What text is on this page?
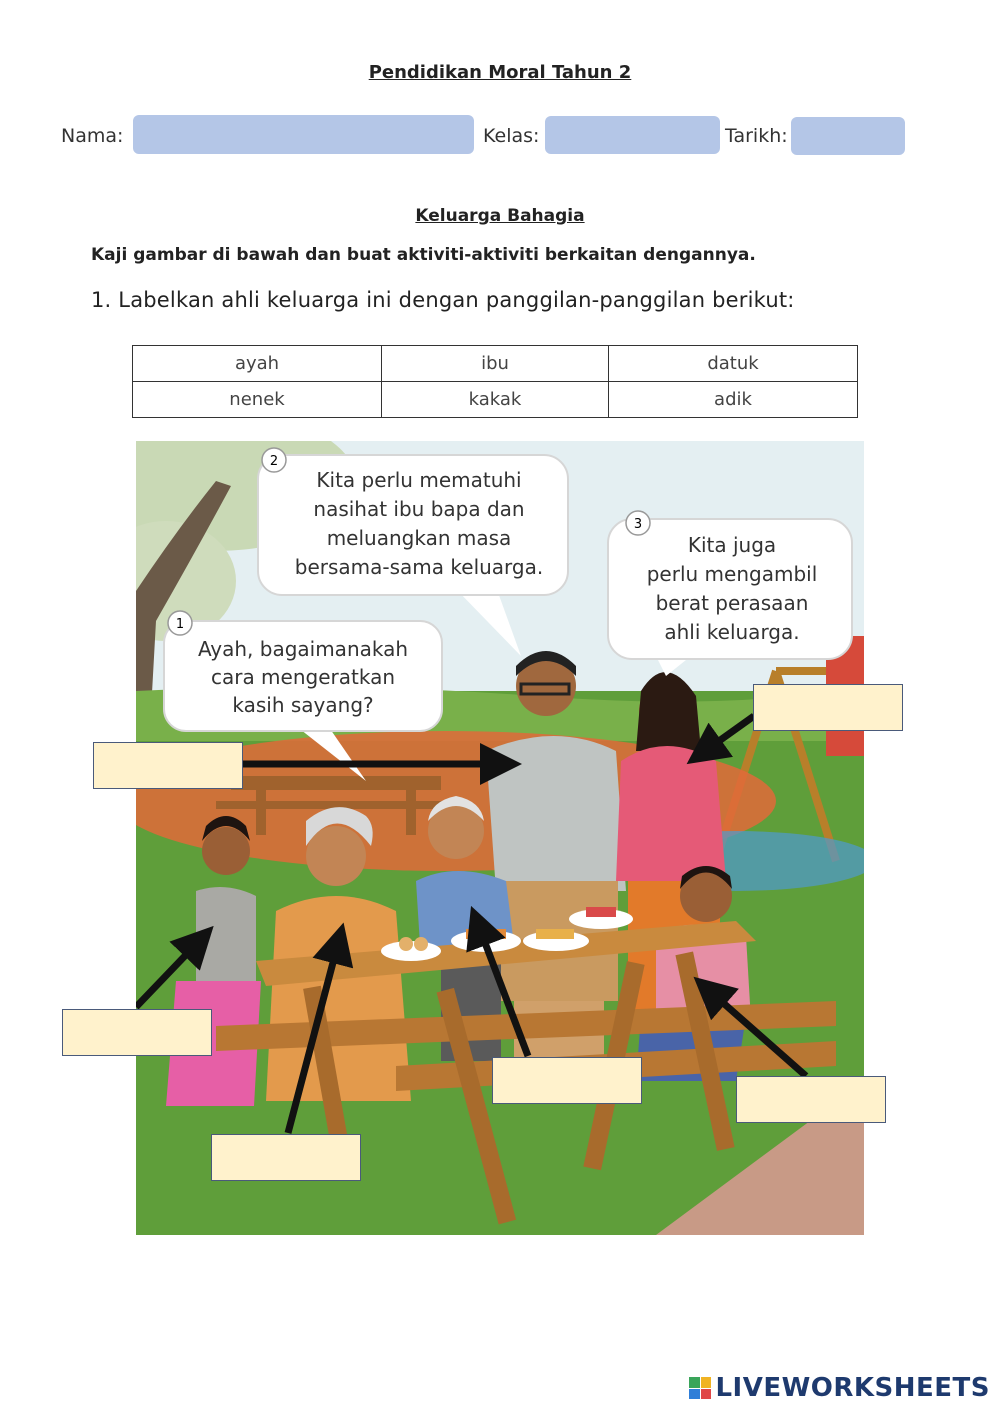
Pendidikan Moral Tahun 2
Nama:	Kelas:	Tarikh:
Keluarga Bahagia
Kaji gambar di bawah dan buat aktiviti-aktiviti berkaitan dengannya.
1. Labelkan ahli keluarga ini dengan panggilan-panggilan berikut:
ayah	ibu	datuk
nenek	kakak	adik
1
Ayah, bagaimanakah
cara mengeratkan
kasih sayang?
2
Kita perlu mematuhi
nasihat ibu bapa dan
meluangkan masa
bersama-sama keluarga.
3
Kita juga
perlu mengambil
berat perasaan
ahli keluarga.
LIVEWORKSHEETS
